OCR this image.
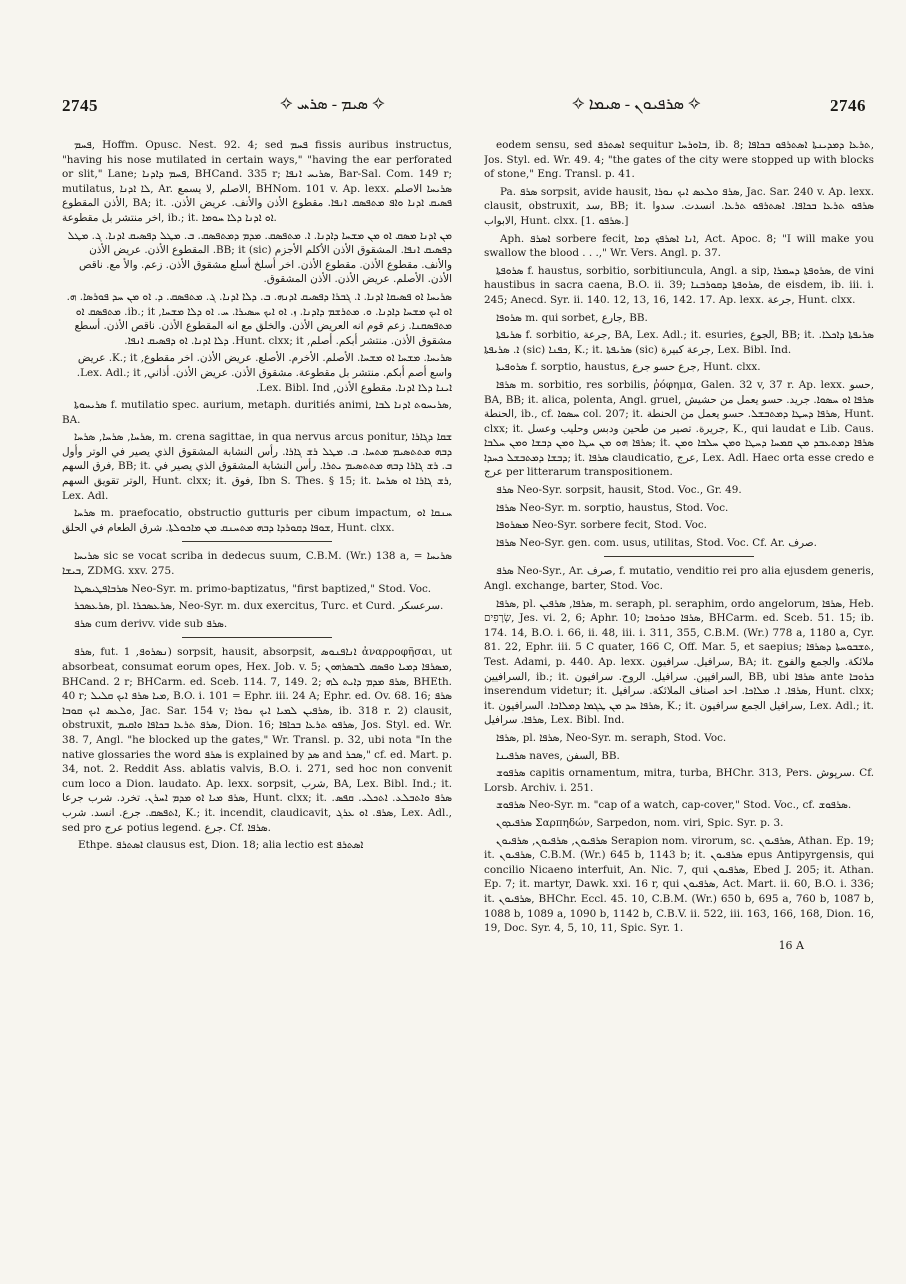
2745	✧ ܣܝܡ - ܣܪܚ ✧	✧ ܣܪܦܝܘܢ - ܣܝܡܐ ✧	2746

ܦܚܡ, Hoffm. Opusc. Nest. 92. 4; sed ܦܚܡ fissis auribus instructus, "having his nose mutilated in certain ways," "having the ear perforated or slit," Lane; ܦܚܡ ܕܐܕܢܐ, BHCand. 335 r; ܣܪܝܚ ܐܢܦܐ, Bar-Sal. Com. 149 r; mutilatus, ܠܐ ܐܕܢܐ, Ar. الاصلم ,لا يسمع, BHNom. 101 v. Ap. lexx. ܣܪܝܚܐ الاصلم الأذن المقطوع, BA; it. ܦܣܝܩ ܐܕܢܐ ܘܐܦ ܡܬܦܣܩ ܐܢܦܐ. مقطوع الأذن والأنف. عريض الأذن. اخر منتشر بل مقطوعة, ib.; it. ܐܘ ܐܕܢܐ ܕܠܐ ܚܘܡܐ.

ܡܢ ܐܕܢܐ ܡܣܩ ܐܘ ܡܢ ܡܫܚܐ ܕܐܕܢܐ. ܐ. ܡܬܦܣܩ. ܡܕܡ ܕܡܬܦܣܩ. ܒ. ܡܛܠ ܕܦܣܝܩ ܐܕܢܐ. ܓ. ܡܛܠ ܕܦܣܝܩ ܐܢܦܐ. المشقوق الأذن الأكلم الأجزم (sic) BB; it. المقطوع الأذن. عريض الأذن والأنف. مقطوع الأذن. مقطوع الأذن. اخر أسلخ أسلع مشقوق الأذن. زعم. والأ مع. ناقص الأذن. الأصلم. عريض الأذن. الأذن المشقوق.

ܣܪܝܚܐ ܐܘ ܦܣܝܩܐ ܐܕܢܐ. ܐ. ܓܒܪܐ ܕܦܣܝܩ ܐܕܢܗ. ܒ. ܕܠܐ ܐܕܢܐ. ܓ. ܡܬܦܣܩ. ܕ. ܐܘ ܡܢ ܚܕ ܦܘܪܣܐ. ܗ. ܐܘ ܐܝܟ ܡܫܚܐ ܕܐܕܢܐ. ܘ. ܡܬܪܫܡ ܕܐܕܢܐ. ܙ. ܐܘ ܐܝܟ ܚܣܝܪܐ. ܚ. ܐܘ ܕܠܐ ܡܫܚܐ, ib.; it. ܡܬܦܣܩ ܐܘ ܡܬܦܣܩܢܐ. زعم قوم انه العريض الأذن. والخلق مع انه المقطوع الأذن. ناقص الأذن. أسطع مشقوق الأذن. منتشر أبكم. أصلم, Hunt. clxx; it. ܕܠܐ ܐܕܢܐ. ܐܘ ܕܦܣܝܩ ܐܢܦܐ.

ܣܪܝܚܐ. ܡܫܚܐ ܐܘ ܡܫܚܐ. الأصلم. الأخرم. الأصلع. عريض الأذن. اخر مقطوع, K.; it. عريض واسع أصم أبكم. منتشر بل مقطوعة. مشقوق الأذن. عريض الأذن. أذاني, Lex. Adl.; it. ܐܝܢܐ ܕܠܐ ܐܕܢܐ. مقطوع الأذن, Lex. Bibl. Ind.

ܣܪܝܚܘܬܐ f. mutilatio spec. aurium, metaph. duritiés animi, ܣܪܝܚܘܬ ܐܕܢܐ ܠܒܐ, BA.

ܣܪܚܐ, ܣܪܚܐ, ܣܪܚܐ, m. crena sagittae, in qua nervus arcus ponitur, ܫܩܐ ܕܓܐܪܐ ܕܒܗ ܡܬܬܣܝܡ ܡܬܚܐ. ܒ. ܡܛܠ ܪܫ ܓܐܪܐ. رأس النشابة المشقوق الذي يصير في الوتر وأول فرق السهم, BB; it. ܒ. ܪܫ ܓܐܪܐ ܕܒܗ ܡܬܬܣܝܡ ܝܬܪܐ. رأس النشابة المشقوق الذي يصير في الوتر تقويق السهم, Hunt. clxx; it. فوق, Ibn S. Thes. § 15; it. ܪܫ ܓܐܪܐ ܐܘ ܣܪܚܐ, Lex. Adl.

ܣܪܚܐ m. praefocatio, obstructio gutturis per cibum impactum, ܚܢܩܐ ܐܘ ܫܘܦܐ ܕܩܘܪܕܐ ܕܒܗ ܡܬܚܢܩ ܡܢ ܡܐܟܘܠܬܐ. شرق الطعام في الحلق, Hunt. clxx.

ܣܪܝܚܐ sic se vocat scriba in dedecus suum, C.B.M. (Wr.) 138 a, = ܣܪܝܚܐ ܒܝܫܐ, ZDMG. xxv. 275.

ܣܪܒܐܦܛܝܣܛܐ Neo-Syr. m. primo-baptizatus, "first baptized," Stod. Voc.

ܣܪܥܣܟܪ, pl. ܣܪܥܣܟܪܐ, Neo-Syr. m. dux exercitus, Turc. et Curd. سرعسكر.

ܣܪܦ cum derivv. vide sub ܣܪܦ.

ܣܪܦ, fut. ܢܣܪܘܦ, 1) sorpsit, hausit, absorpsit, ܐܢܐܦܢܘܣ ἀναρροφῆσαι, ut absorbeat, consumat eorum opes, Hex. Job. v. 5; ܡܣܪܦܐ ܕܡܝܐ ܘܦܣܩ ܠܒܣܪܗܘܢ, BHCand. 2 r; BHCarm. ed. Sceb. 114. 7, 149. 2; ܣܪܦ ܡܕܡ ܕܐܝܬ ܠܗ, BHEth. 40 r; ܡܝܐ ܣܪܦ ܐܝܟ ܩܠܝܠ, B.O. i. 101 = Ephr. iii. 24 A; Ephr. ed. Ov. 68. 16; ܣܪܦ ܘܠܥܣ ܐܝܟ ܩܘܒܐ, Jac. Sar. 154 v; ܣܪܦܝܢ ܠܡܝܐ ܐܝܟ ܢܘܪܐ, ib. 318 r. 2) clausit, obstruxit, ܣܪܦ ܬܪܥܐ ܒܟܐܦܐ ܘܐܩܝܡ, Dion. 16; ܣܪܦܘ ܬܪܥܐ ܒܟܐܦܐ, Jos. Styl. ed. Wr. 38. 7, Angl. "he blocked up the gates," Wr. Transl. p. 32, ubi nota "In the native glossaries the word ܣܪܦ is explained by ܣܕ and ܣܟܪ," cf. ed. Mart. p. 34, not. 2. Reddit Ass. ablatis valvis, B.O. i. 271, sed hoc non convenit cum loco a Dion. laudato. Ap. lexx. sorpsit, شرب, BA, Lex. Bibl. Ind.; it. ܣܪܦ ܡܝܐ ܐܘ ܡܕܡ ܐܚܪܢ. تخرد. شرب جرعا, Hunt. clxx; it. ܣܪܦ ܘܐܬܒܠܥ. ܐܬܟܠܝ. ܩܦܣ. ܐܬܦܣܩ. جرع. انسد. شرب, K.; it. incendit, claudicavit, ܣܪܦ. ܐܘ ܥܪܓ, Lex. Adl., sed pro عرج potius legend. جرع. Cf. ܣܪܦܐ.

Ethpe. ܐܣܬܪܦ clausus est, Dion. 18; alia lectio est ܐܣܬܪܦ

eodem sensu, sed ܐܣܬܪܦ sequitur ܒܐܘܪܚܐ, ib. 8; ܬܪܥܐ ܕܡܕܝܢܬܐ ܐܣܬܪܦܘ ܒܟܐܦܐ, Jos. Styl. ed. Wr. 49. 4; "the gates of the city were stopped up with blocks of stone," Eng. Transl. p. 41.

Pa. ܣܪܦ sorpsit, avide hausit, ܣܪܦ ܘܠܥܣ ܐܝܟ ܢܘܪܐ, Jac. Sar. 240 v. Ap. lexx. clausit, obstruxit, سد, BB; it. ܣܪܦܘ ܬܪܥܐ ܒܟܐܦܐ. ܐܣܬܪܦܘ ܬܪܥܐ. انسدت. سدوا الابواب, Hunt. clxx. [1. ܣܪܦܘ.]

Aph. ܐܣܪܦ sorbere fecit, ܐܢܐ ܐܣܪܦܟ ܕܡܐ, Act. Apoc. 8; "I will make you swallow the blood . . .," Wr. Vers. Angl. p. 37.

ܣܪܘܦܬܐ f. haustus, sorbitio, sorbitiuncula, Angl. a sip, ܣܪܘܦܬܐ ܕܚܡܪܐ, de vini haustibus in sacra caena, B.O. ii. 39; ܣܪܘܦܬܐ ܕܩܘܪܒܢܐ, de eisdem, ib. iii. i. 245; Anecd. Syr. ii. 140. 12, 13, 16, 142. 17. Ap. lexx. جرعة, Hunt. clxx.

ܣܪܘܦܐ m. qui sorbet, جارع, BB.

ܣܪܝܦܬܐ f. sorbitio, جرعة, BA, Lex. Adl.; it. esuries, الجوع, BB; it. ܣܪܝܦܬܐ ܕܐܟܠܐ. ܐ. ܣܪܝܦܬܐ (sic) ܟܦܢܐ, K.; it. ܣܪܝܦܬܐ (sic) جرعة كبيرة, Lex. Bibl. Ind.

ܣܪܘܦܝܬܐ f. sorptio, haustus, جرع حسو جرع, Hunt. clxx.

ܣܪܦܐ m. sorbitio, res sorbilis, ῥόφημα, Galen. 32 v, 37 r. Ap. lexx. حسو, BA, BB; it. alica, polenta, Angl. gruel, ܣܪܦܐ ܐܘ ܚܣܘܐ. جريد. حسو يعمل من حشيش الحنطة, ib., cf. ܚܣܘܐ col. 207; it. ܣܪܦܐ ܕܚܛܐ ܕܡܬܒܫܠ. حسو يعمل من الحنطة, Hunt. clxx; it. جريرة. تصير من طحين ودبس وحليب وعسل, K., qui laudat e Lib. Caus. ܣܪܦܐ ܗܘ ܡܢ ܚܛܐ ܘܡܢ ܕܒܫܐ ܘܡܢ ܚܠܒܐ; it. ܣܪܦܐ ܕܡܬܥܒܕ ܡܢ ܩܡܚܐ ܕܚܛܐ ܘܡܢ ܚܠܒܐ ܘܡܢ ܕܒܫܐ ܕܡܬܒܫܠ ܟܚܕܐ; it. ܣܪܦܐ claudicatio, عرج, Lex. Adl. Haec orta esse credo e عرج per litterarum transpositionem.

ܣܪܦ Neo-Syr. sorpsit, hausit, Stod. Voc., Gr. 49.

ܣܪܦܐ Neo-Syr. m. sorptio, haustus, Stod. Voc.

ܡܣܪܘܦܐ Neo-Syr. sorbere fecit, Stod. Voc.

ܣܪܦܐ Neo-Syr. gen. com. usus, utilitas, Stod. Voc. Cf. Ar. صرف.

ܣܪܦ Neo-Syr., Ar. صرف, f. mutatio, venditio rei pro alia ejusdem generis, Angl. exchange, barter, Stod. Voc.

ܣܪܦܐ, pl. ܣܪܦܐ, ܣܪܦܝܢ, m. seraph, pl. seraphim, ordo angelorum, ܣܪܦܐ, Heb. שְׂרָפִים, Jes. vi. 2, 6; Aphr. 10; ܣܪܦܐ ܘܟܪܘܒܐ, BHCarm. ed. Sceb. 51. 15; ib. 174. 14, B.O. i. 66, ii. 48, iii. i. 311, 355, C.B.M. (Wr.) 778 a, 1180 a, Cyr. 81. 22, Ephr. iii. 5 C quater, 166 C, Off. Mar. 5, et saepius; ܬܫܒܘܚܬܐ ܕܣܪܦܐ, Test. Adami, p. 440. Ap. lexx. سرافيل. سرافيون, BA; it. ملائكة. والجمع والفوج السرافيين, ib.; it. السرافيين. سرافيل. الروح. سرافيون, BB, ubi ܣܪܦܐ ante ܟܪܘܒܐ inserendum videtur; it. ܣܪܦܐ. ܐ. ܡܠܐܟܐ. احد اصناف الملائكة. سرافيل, Hunt. clxx; it. ܣܪܦܐ ܚܕ ܡܢ ܛܓܡܐ ܕܡܠܐܟܐ. السرافيون, K.; it. سرافيل الجمع سرافيون, Lex. Adl.; it. ܣܪܦܐ. سرافيل, Lex. Bibl. Ind.

ܣܪܦܐ, pl. ܣܪܦܐ, Neo-Syr. m. seraph, Stod. Voc.

ܣܪܦܝܢܐ naves, السفن, BB.

ܣܪܦܘܫ capitis ornamentum, mitra, turba, BHChr. 313, Pers. سرپوش. Cf. Lorsb. Archiv. i. 251.

ܣܪܦܘܫ Neo-Syr. m. "cap of a watch, cap-cover," Stod. Voc., cf. ܣܪܦܘܫ.

ܣܪܦܝܕܘܢ Σαρπηδών, Sarpedon, nom. viri, Spic. Syr. p. 3.

ܣܪܦܝܘܢ, ܣܪܦܝܘܢ, ܣܪܦܝܘܢ Serapion nom. virorum, sc. ܣܪܦܝܘܢ, Athan. Ep. 19; it. ܣܪܦܝܘܢ, C.B.M. (Wr.) 645 b, 1143 b; it. ܣܪܦܝܘܢ epus Antipyrgensis, qui concilio Nicaeno interfuit, An. Nic. 7, qui ܣܪܦܝܘܢ, Ebed J. 205; it. Athan. Ep. 7; it. martyr, Dawk. xxi. 16 r, qui ܣܪܦܝܘܢ, Act. Mart. ii. 60, B.O. i. 336; it. ܣܪܦܝܘܢ, BHChr. Eccl. 45. 10, C.B.M. (Wr.) 650 b, 695 a, 760 b, 1087 b, 1088 b, 1089 a, 1090 b, 1142 b, C.B.V. ii. 522, iii. 163, 166, 168, Dion. 16, 19, Doc. Syr. 4, 5, 10, 11, Spic. Syr. 1.

16 A
